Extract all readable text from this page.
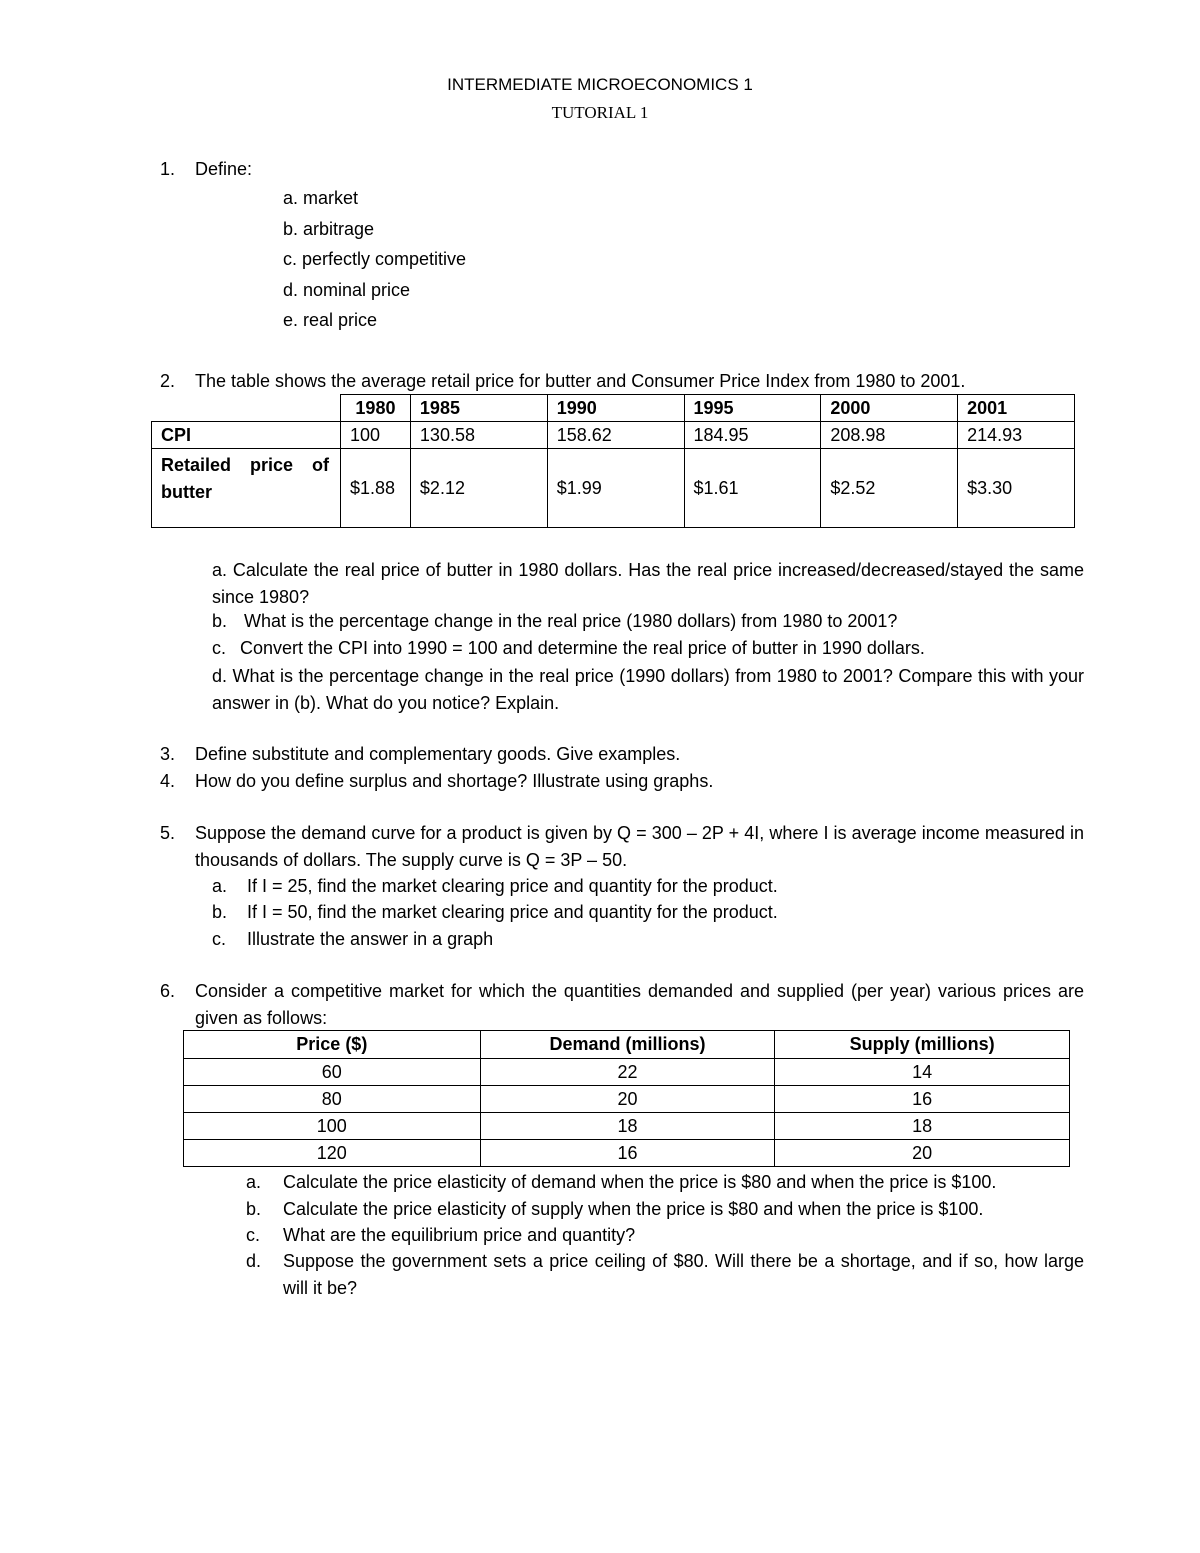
INTERMEDIATE MICROECONOMICS 1
TUTORIAL 1
1. Define:
a. market
b. arbitrage
c. perfectly competitive
d. nominal price
e. real price
2. The table shows the average retail price for butter and Consumer Price Index from 1980 to 2001.
	1980	1985	1990	1995	2000	2001
CPI	100	130.58	158.62	184.95	208.98	214.93

Retailed price of
butter	$1.88	$2.12	$1.99	$1.61	$2.52	$3.30
a. Calculate the real price of butter in 1980 dollars. Has the real price increased/decreased/stayed the same since 1980?
b. What is the percentage change in the real price (1980 dollars) from 1980 to 2001?
c. Convert the CPI into 1990 = 100 and determine the real price of butter in 1990 dollars.
d. What is the percentage change in the real price (1990 dollars) from 1980 to 2001? Compare this with your answer in (b). What do you notice? Explain.
3. Define substitute and complementary goods. Give examples.
4. How do you define surplus and shortage? Illustrate using graphs.
5. Suppose the demand curve for a product is given by Q = 300 – 2P + 4I, where I is average income measured in thousands of dollars. The supply curve is Q = 3P – 50.
a. If I = 25, find the market clearing price and quantity for the product.
b. If I = 50, find the market clearing price and quantity for the product.
c. Illustrate the answer in a graph
6. Consider a competitive market for which the quantities demanded and supplied (per year) various prices are given as follows:
Price ($)	Demand (millions)	Supply (millions)
60	22	14
80	20	16
100	18	18
120	16	20
a. Calculate the price elasticity of demand when the price is $80 and when the price is $100.
b. Calculate the price elasticity of supply when the price is $80 and when the price is $100.
c. What are the equilibrium price and quantity?
d. Suppose the government sets a price ceiling of $80. Will there be a shortage, and if so, how large will it be?
